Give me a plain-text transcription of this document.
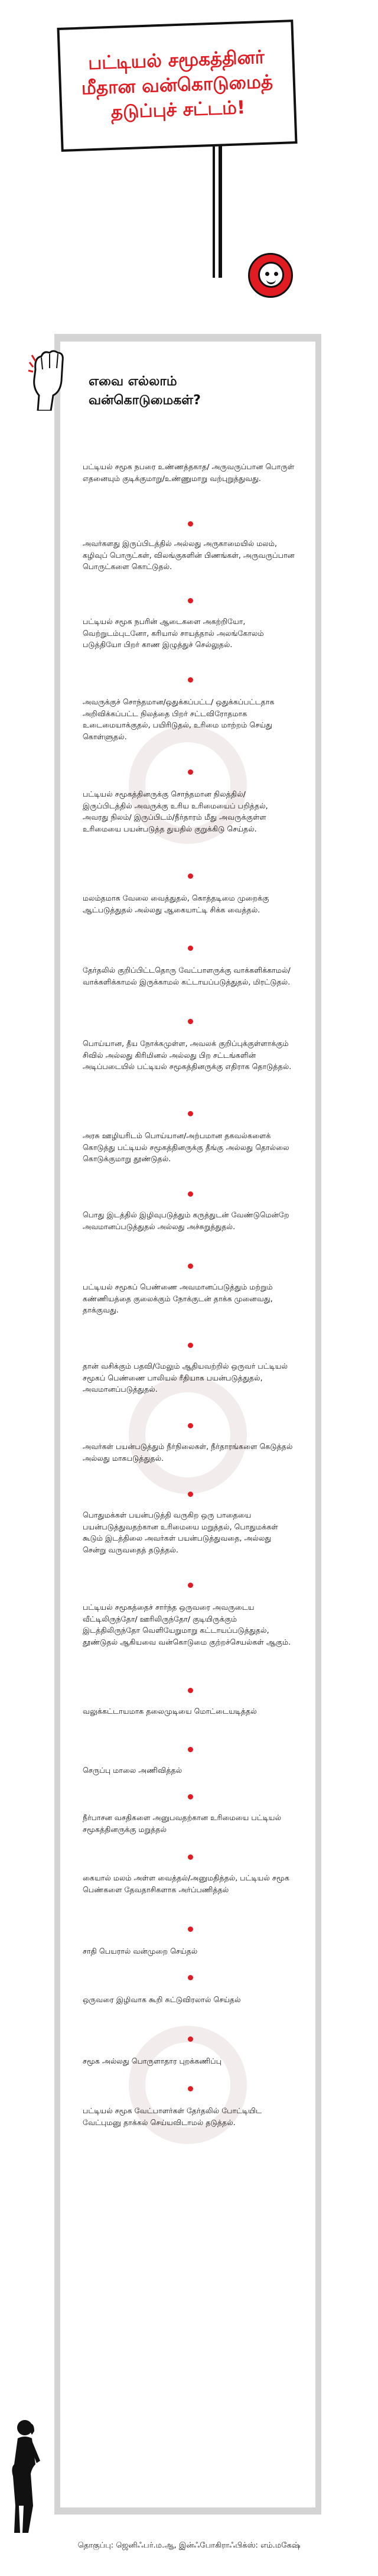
பட்டியல் சமூகத்தினர்
மீதான வன்கொடுமைத்
தடுப்புச் சட்டம்!
எவை எல்லாம்
வன்கொடுமைகள்?
பட்டியல் சமூக நபரை உண்ணத்தகாத/ அருவருப்பான பொருள் எதனையும் குடிக்குமாறு/உண்ணுமாறு வற்புறுத்துவது.
அவர்களது இருப்பிடத்தில் அல்லது அருகாமையில் மலம், கழிவுப் பொருட்கள், விலங்குகளின் பிணங்கள், அருவருப்பான பொருட்களை கொட்டுதல்.
பட்டியல் சமூக நபரின் ஆடைகளை அகற்றியோ, வெற்றுடம்புடனோ, கரியால் சாயத்தால் அலங்கோலம் படுத்தியோ பிறர் காண இழுத்துச் செல்லுதல்.
அவருக்குச் சொந்தமான/ஒதுக்கப்பட்ட/ ஒதுக்கப்பட்டதாக அறிவிக்கப்பட்ட நிலத்தை பிறர் சட்டவிரோதமாக உடைமையாக்குதல், பயிரிடுதல், உரிமை மாற்றம் செய்து கொள்ளுதல்.
பட்டியல் சமூகத்தினருக்கு சொந்தமான நிலத்தில்/ இருப்பிடத்தில் அவருக்கு உரிய உரிமையைப் பறித்தல், அவரது நிலம்/ இருப்பிடம்/நீர்தாரம் மீது அவருக்குள்ள உரிமையை பயன்படுத்த துயதில் குறுக்கிடு செய்தல்.
மலம்தமாக வேலை வைத்துதல், கொத்தடிமை முறைக்கு ஆட்படுத்துதல் அல்லது ஆகையாட்டி சிக்க வைத்தல்.
தேர்தலில் குறிப்பிட்டதொரு வேட்பாளருக்கு வாக்களிக்காமல்/வாக்களிக்காமல் இருக்காமல் கட்டாயப்படுத்துதல், மிரட்டுதல்.
பொய்யான, தீய நோக்கமுள்ள, அவலக் குறிப்புக்குள்ளாக்கும் சிவில் அல்லது கிரிமினல் அல்லது பிற சட்டங்களின் அடிப்படையில் பட்டியல் சமூகத்தினருக்கு எதிராக தொடுத்தல்.
அரசு ஊழியரிடம் பொய்யான/அற்பமான தகவல்களைக் கொடுத்து பட்டியல் சமூகத்தினருக்கு தீங்கு அல்லது தொல்லை கொடுக்குமாறு தூண்டுதல்.
பொது இடத்தில் இழிவுபடுத்தும் கருத்துடன் வேண்டுமென்றே அவமானப்படுத்துதல் அல்லது அச்சுறுத்துதல்.
பட்டியல் சமூகப் பெண்ணை அவமானப்படுத்தும் மற்றும் கண்ணியத்தை குலைக்கும் நோக்குடன் தாக்க முனைவது, தாக்குவது.
தான் வசிக்கும் பதவி/மேலும் ஆதியவற்றில் ஒருவர் பட்டியல் சமூகப் பெண்ணை பாலியல் ரீதியாக பயன்படுத்துதல், அவமானப்படுத்துதல்.
அவர்கள் பயன்படுத்தும் நீர்நிலைகள், நீர்தாரங்களை கெடுத்தல் அல்லது மாசுபடுத்துதல்.
பொதுமக்கள் பயன்படுத்தி வருகிற ஒரு பாதையை பயன்படுத்துவதற்கான உரிமையை மறுத்தல், பொதுமக்கள் கூடும் இடத்திலை அவர்கள் பயன்படுத்துவதை, அல்லது சென்று வருவதைத் தடுத்தல்.
பட்டியல் சமூகத்தைச் சார்ந்த ஒருவரை அவருடைய வீட்டிலிருந்தோ/ ஊரிலிருந்தோ/ குடியிருக்கும் இடத்திலிருந்தோ வெளியேறுமாறு கட்டாயப்படுத்துதல், தூண்டுதல் ஆகியவை வன்கொடுமை குற்றச்செயல்கள் ஆகும்.
வலுக்கட்டாயமாக தலைமுடியை மொட்டையடித்தல்
செருப்பு மாலை அணிவித்தல்
நீர்பாசன வசதிகளை அனுபவதற்கான உரிமையை பட்டியல் சமூகத்தினருக்கு மறுத்தல்
கையால் மலம் அள்ள வைத்தல்/அனுமதித்தல், பட்டியல் சமூக பெண்களை தேவதாசிகளாக அர்ப்பணித்தல்
சாதி பெயரால் வன்முறை செய்தல்
ஒருவரை இழிவாக கூறி சுட்டுவிரலால் செய்தல்
சமூக அல்லது பொருளாதார புறக்கணிப்பு
பட்டியல் சமூக வேட்பாளர்கள் தேர்தலில் போட்டியிட வேட்புமனு தாக்கல் செய்யவிடாமல் தடுத்தல்.
தொகுப்பு: ஜெனிஃபர்.ம.ஆ, இன்ஃபோகிராஃபிக்ஸ்: எம்.மகேஷ்
